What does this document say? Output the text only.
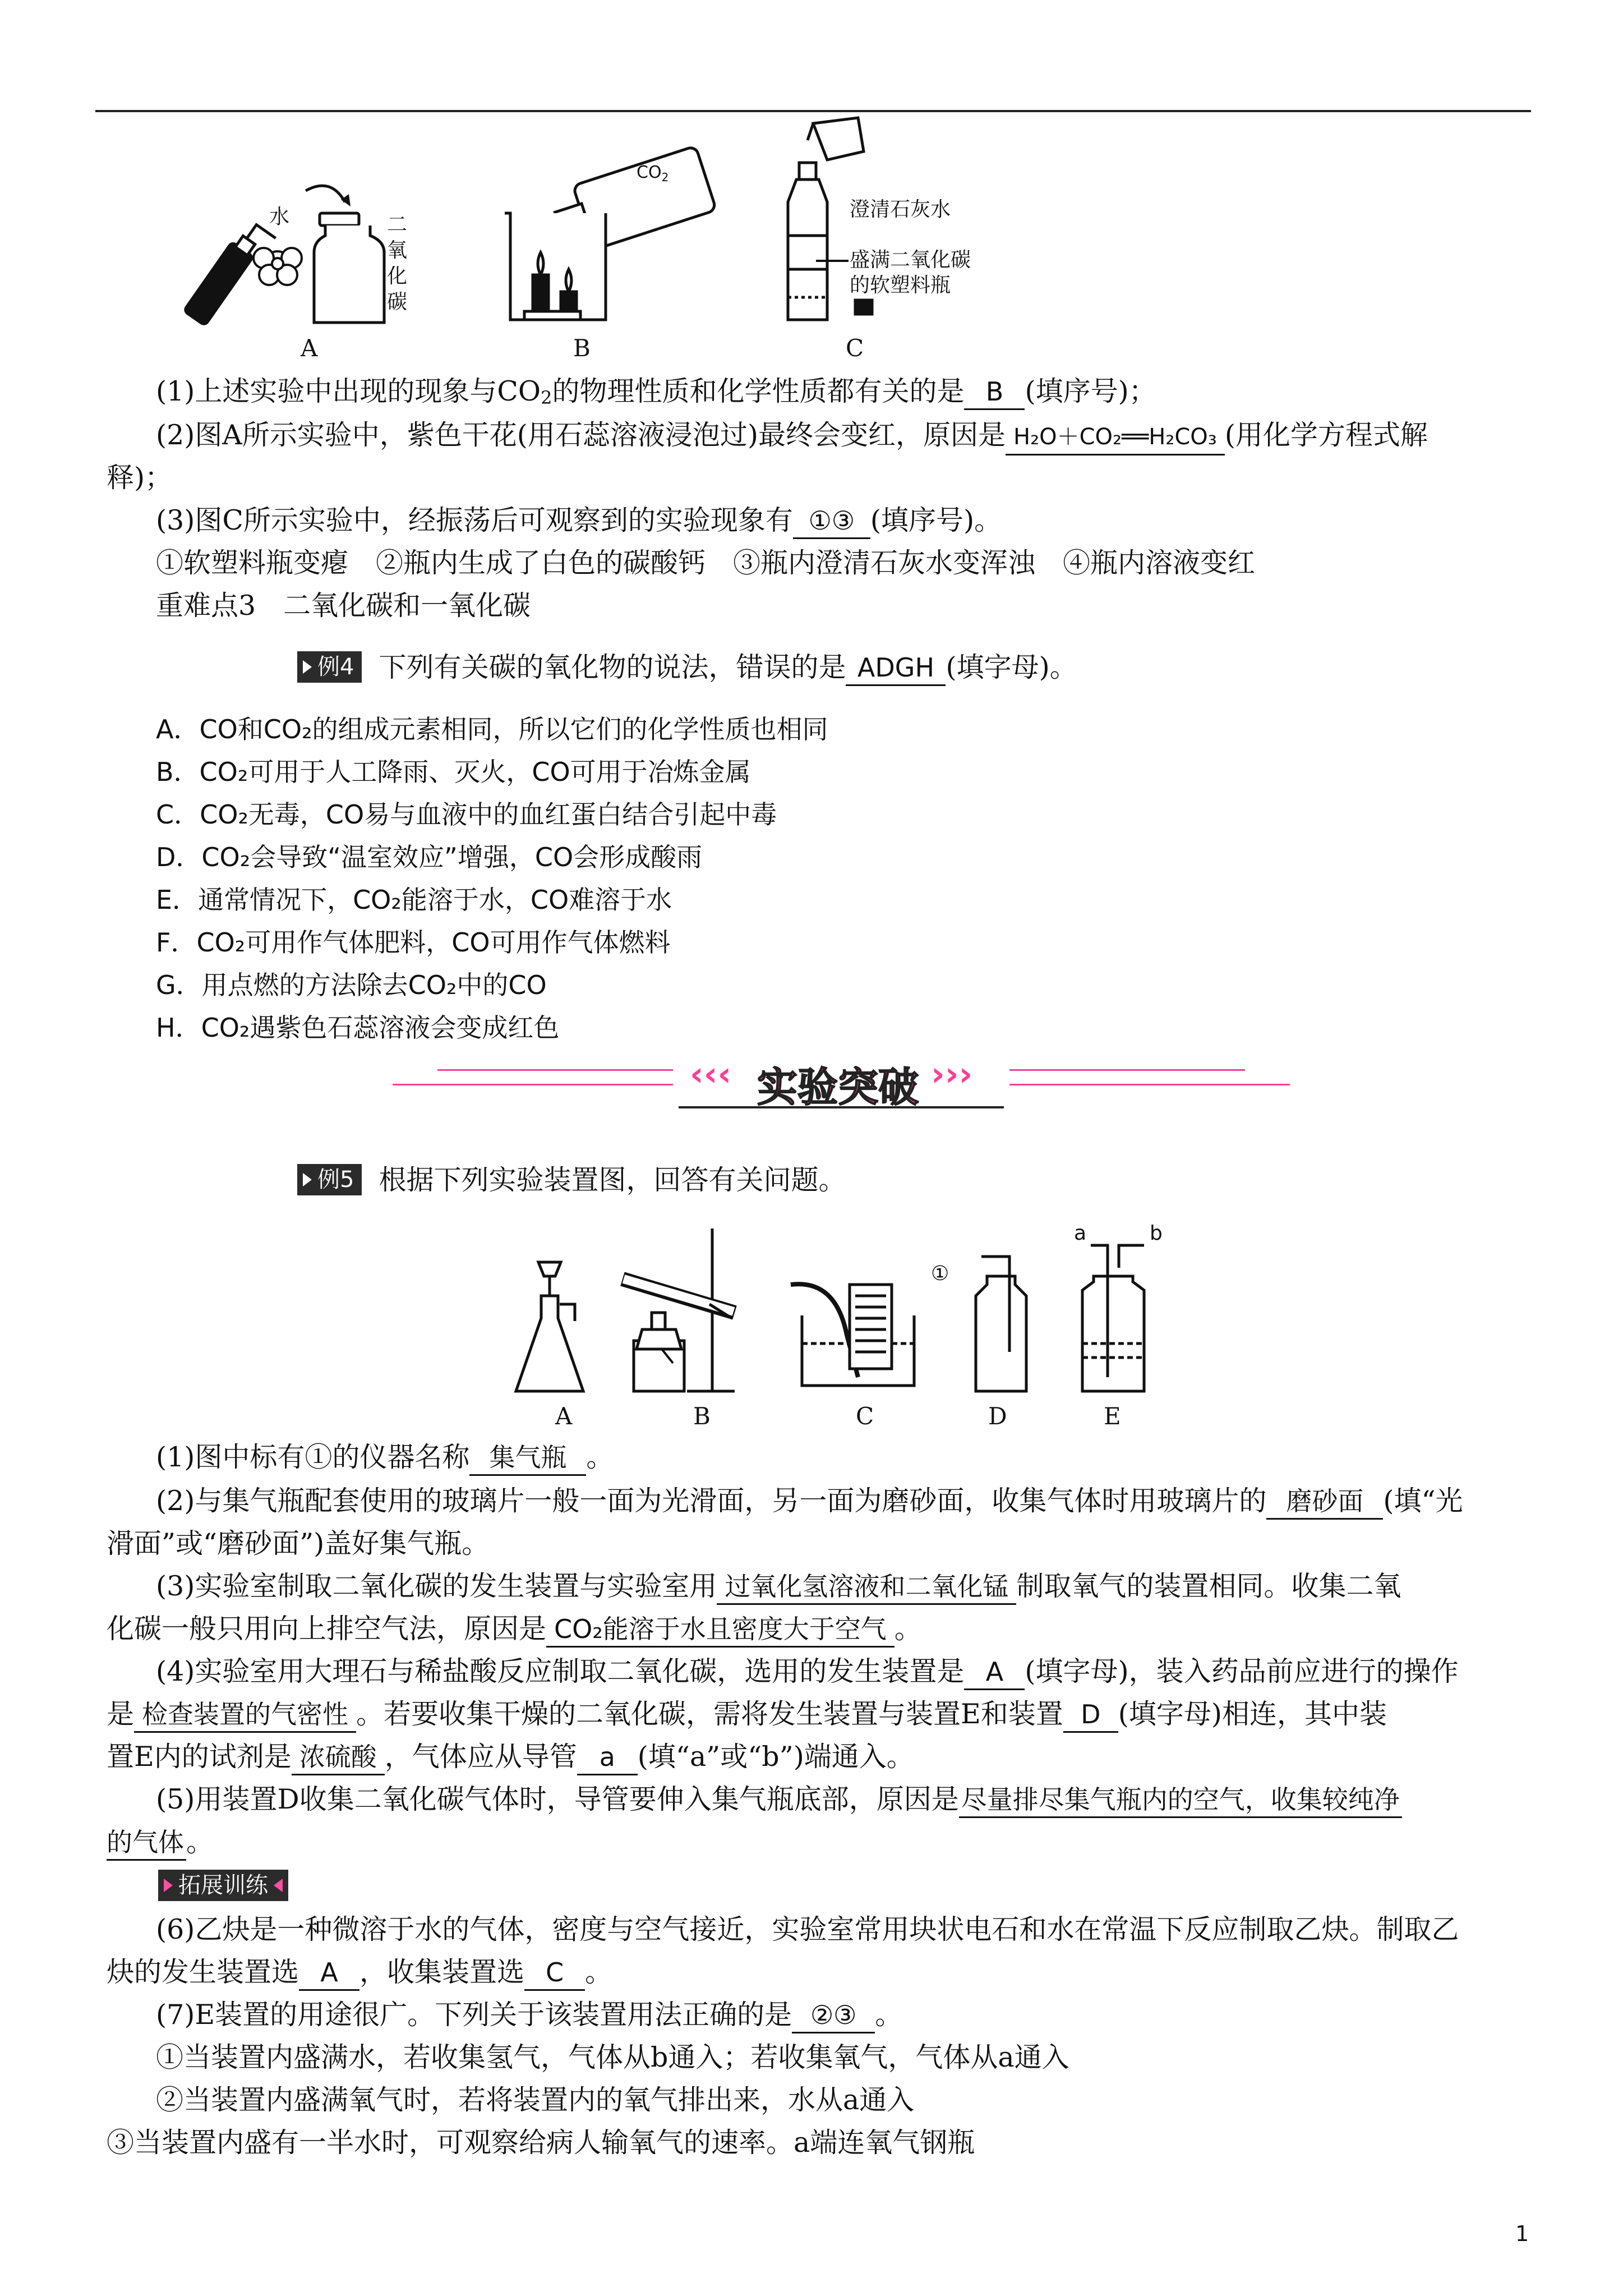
水	二
氧
化
碳
$CO_2$
澄清石灰水
盛满二氧化碳
的软塑料瓶
A	B	C
(1)上述实验中出现的现象与$CO_2$的物理性质和化学性质都有关的是 B (填序号)；
(2)图A所示实验中，紫色干花(用石蕊溶液浸泡过)最终会变红，原因是 H₂O＋CO₂══H₂CO₃ (用化学方程式解
释)；
(3)图C所示实验中，经振荡后可观察到的实验现象有 ①③ (填序号)。
①软塑料瓶变瘪　②瓶内生成了白色的碳酸钙　③瓶内澄清石灰水变浑浊　④瓶内溶液变红
重难点3　二氧化碳和一氧化碳
例4 下列有关碳的氧化物的说法，错误的是 ADGH (填字母)。
A．CO和CO₂的组成元素相同，所以它们的化学性质也相同
B．CO₂可用于人工降雨、灭火，CO可用于冶炼金属
C．CO₂无毒，CO易与血液中的血红蛋白结合引起中毒
D．CO₂会导致“温室效应”增强，CO会形成酸雨
E．通常情况下，CO₂能溶于水，CO难溶于水
F．CO₂可用作气体肥料，CO可用作气体燃料
G．用点燃的方法除去CO₂中的CO
H．CO₂遇紫色石蕊溶液会变成红色
‹‹‹ 实验突破 ›››
例5 根据下列实验装置图，回答有关问题。
①
a	b
A	B	C	D	E
(1)图中标有①的仪器名称 集气瓶 。
(2)与集气瓶配套使用的玻璃片一般一面为光滑面，另一面为磨砂面，收集气体时用玻璃片的 磨砂面 (填“光
滑面”或“磨砂面”)盖好集气瓶。
(3)实验室制取二氧化碳的发生装置与实验室用 过氧化氢溶液和二氧化锰 制取氧气的装置相同。收集二氧
化碳一般只用向上排空气法，原因是 CO₂能溶于水且密度大于空气 。
(4)实验室用大理石与稀盐酸反应制取二氧化碳，选用的发生装置是 A (填字母)，装入药品前应进行的操作
是 检查装置的气密性 。若要收集干燥的二氧化碳，需将发生装置与装置E和装置 D (填字母)相连，其中装
置E内的试剂是 浓硫酸 ，气体应从导管 a (填“a”或“b”)端通入。
(5)用装置D收集二氧化碳气体时，导管要伸入集气瓶底部，原因是尽量排尽集气瓶内的空气，收集较纯净
的气体。
拓展训练
(6)乙炔是一种微溶于水的气体，密度与空气接近，实验室常用块状电石和水在常温下反应制取乙炔。制取乙
炔的发生装置选 A ，收集装置选 C 。
(7)E装置的用途很广。下列关于该装置用法正确的是 ②③ 。
①当装置内盛满水，若收集氢气，气体从b通入；若收集氧气，气体从a通入
②当装置内盛满氧气时，若将装置内的氧气排出来，水从a通入
③当装置内盛有一半水时，可观察给病人输氧气的速率。a端连氧气钢瓶
1
